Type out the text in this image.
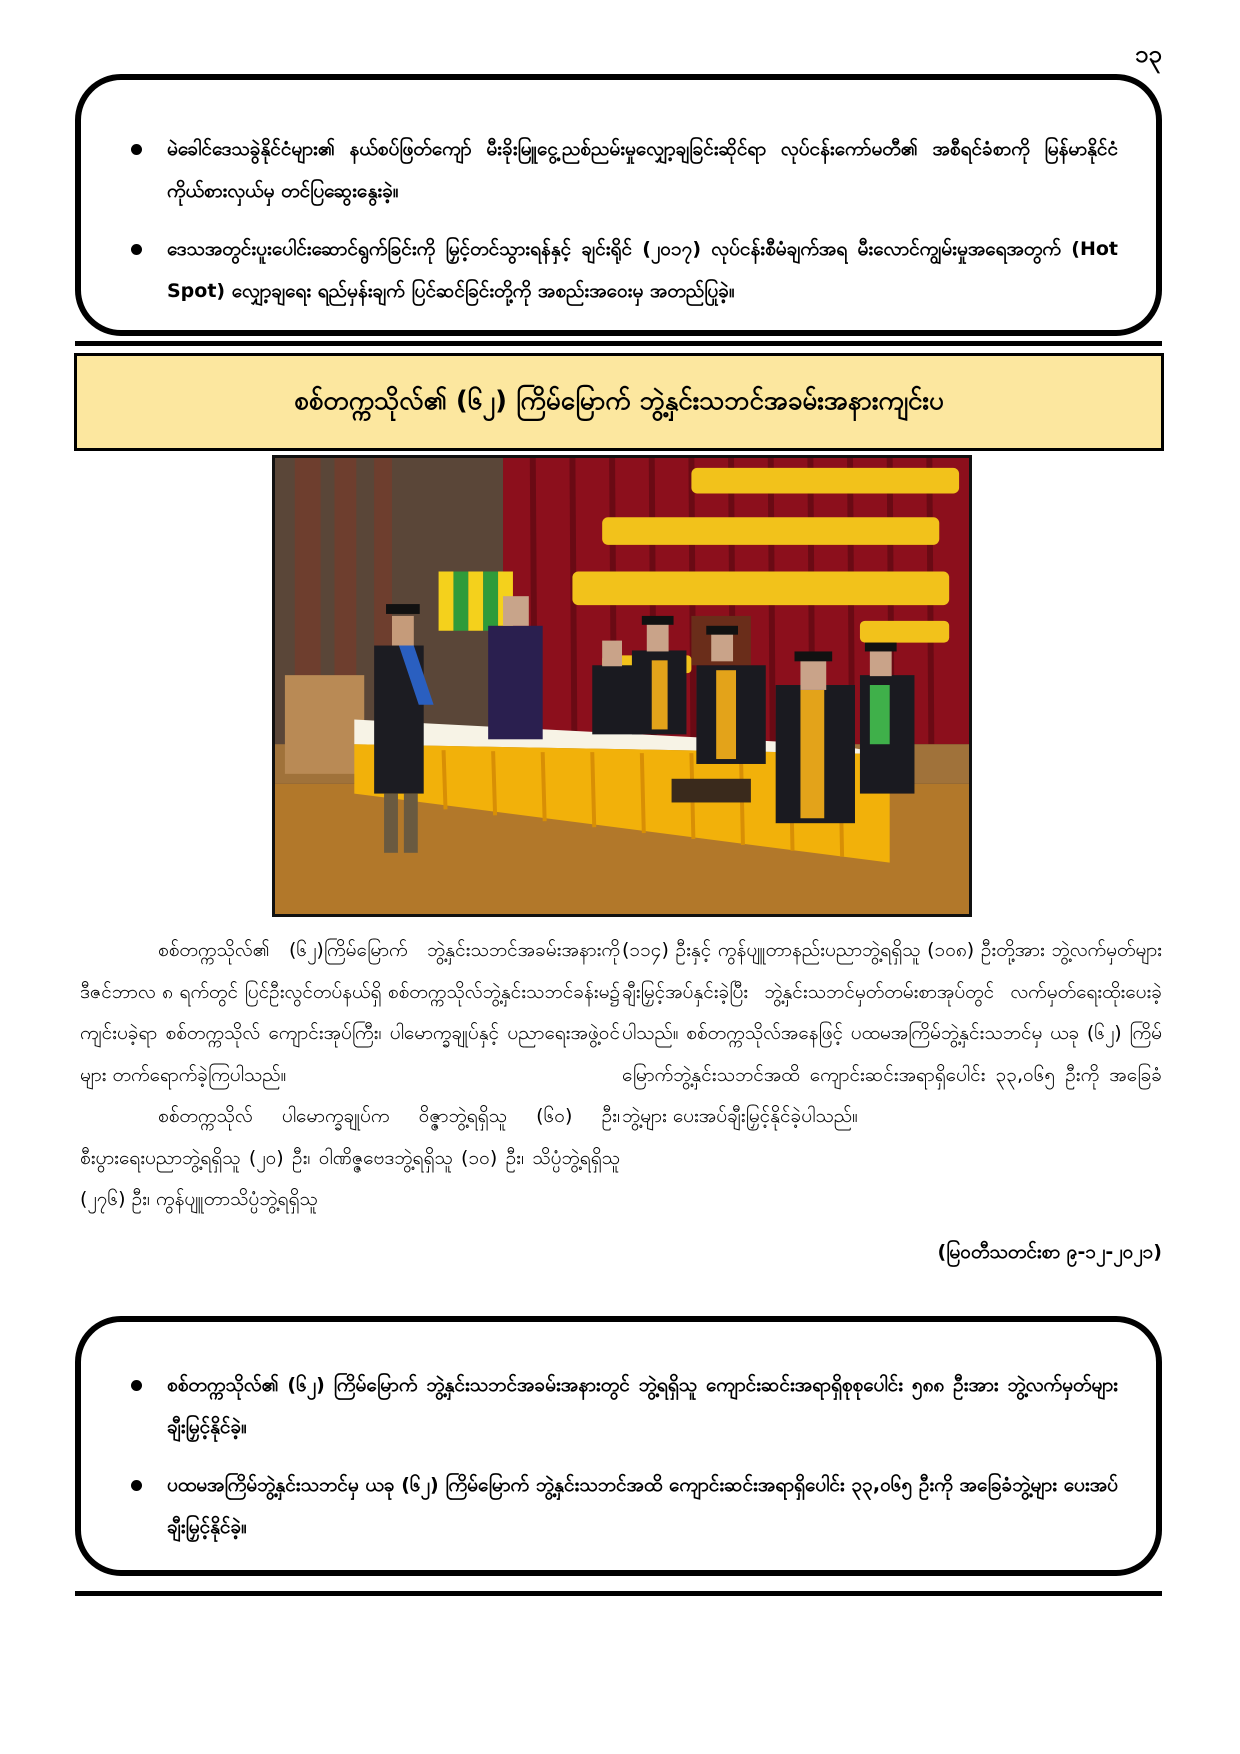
၁၃
မဲခေါင်ဒေသခွဲနိုင်ငံများ၏ နယ်စပ်ဖြတ်ကျော် မီးခိုးမြူငွေ့ညစ်ညမ်းမှုလျှော့ချခြင်းဆိုင်ရာ လုပ်ငန်းကော်မတီ၏ အစီရင်ခံစာကို မြန်မာနိုင်ငံကိုယ်စားလှယ်မှ တင်ပြဆွေးနွေးခဲ့။
ဒေသအတွင်းပူးပေါင်းဆောင်ရွက်ခြင်းကို မြှင့်တင်သွားရန်နှင့် ချင်းရိုင် (၂၀၁၇) လုပ်ငန်းစီမံချက်အရ မီးလောင်ကျွမ်းမှုအရေအတွက် (Hot Spot) လျှော့ချရေး ရည်မှန်းချက် ပြင်ဆင်ခြင်းတို့ကို အစည်းအဝေးမှ အတည်ပြုခဲ့။
စစ်တက္ကသိုလ်၏ (၆၂) ကြိမ်မြောက် ဘွဲ့နှင်းသဘင်အခမ်းအနားကျင်းပ

စစ်တက္ကသိုလ်၏ (၆၂)ကြိမ်မြောက် ဘွဲ့နှင်းသဘင်အခမ်းအနားကို ဒီဇင်ဘာလ ၈ ရက်တွင် ပြင်ဦးလွင်တပ်နယ်ရှိ စစ်တက္ကသိုလ်ဘွဲ့နှင်းသဘင်ခန်းမ၌ ကျင်းပခဲ့ရာ စစ်တက္ကသိုလ် ကျောင်းအုပ်ကြီး၊ ပါမောက္ခချုပ်နှင့် ပညာရေးအဖွဲ့ဝင်များ တက်ရောက်ခဲ့ကြပါသည်။

စစ်တက္ကသိုလ် ပါမောက္ခချုပ်က ဝိဇ္ဇာဘွဲ့ရရှိသူ (၆၀) ဦး၊ စီးပွားရေးပညာဘွဲ့ရရှိသူ (၂၀) ဦး၊ ဝါဏိဇ္ဇဗေဒဘွဲ့ရရှိသူ (၁၀) ဦး၊ သိပ္ပံဘွဲ့ရရှိသူ (၂၇၆) ဦး၊ ကွန်ပျူတာသိပ္ပံဘွဲ့ရရှိသူ

(၁၁၄) ဦးနှင့် ကွန်ပျူတာနည်းပညာဘွဲ့ရရှိသူ (၁၀၈) ဦးတို့အား ဘွဲ့လက်မှတ်များ ချီးမြှင့်အပ်နှင်းခဲ့ပြီး ဘွဲ့နှင်းသဘင်မှတ်တမ်းစာအုပ်တွင် လက်မှတ်ရေးထိုးပေးခဲ့ပါသည်။ စစ်တက္ကသိုလ်အနေဖြင့် ပထမအကြိမ်ဘွဲ့နှင်းသဘင်မှ ယခု (၆၂) ကြိမ် မြောက်ဘွဲ့နှင်းသဘင်အထိ ကျောင်းဆင်းအရာရှိပေါင်း ၃၃,၀၆၅ ဦးကို အခြေခံဘွဲ့များ ပေးအပ်ချီးမြှင့်နိုင်ခဲ့ပါသည်။

(မြဝတီသတင်းစာ ၉-၁၂-၂၀၂၁)
စစ်တက္ကသိုလ်၏ (၆၂) ကြိမ်မြောက် ဘွဲ့နှင်းသဘင်အခမ်းအနားတွင် ဘွဲ့ရရှိသူ ကျောင်းဆင်းအရာရှိစုစုပေါင်း ၅၈၈ ဦးအား ဘွဲ့လက်မှတ်များချီးမြှင့်နိုင်ခဲ့။
ပထမအကြိမ်ဘွဲ့နှင်းသဘင်မှ ယခု (၆၂) ကြိမ်မြောက် ဘွဲ့နှင်းသဘင်အထိ ကျောင်းဆင်းအရာရှိပေါင်း ၃၃,၀၆၅ ဦးကို အခြေခံဘွဲ့များ ပေးအပ်ချီးမြှင့်နိုင်ခဲ့။
